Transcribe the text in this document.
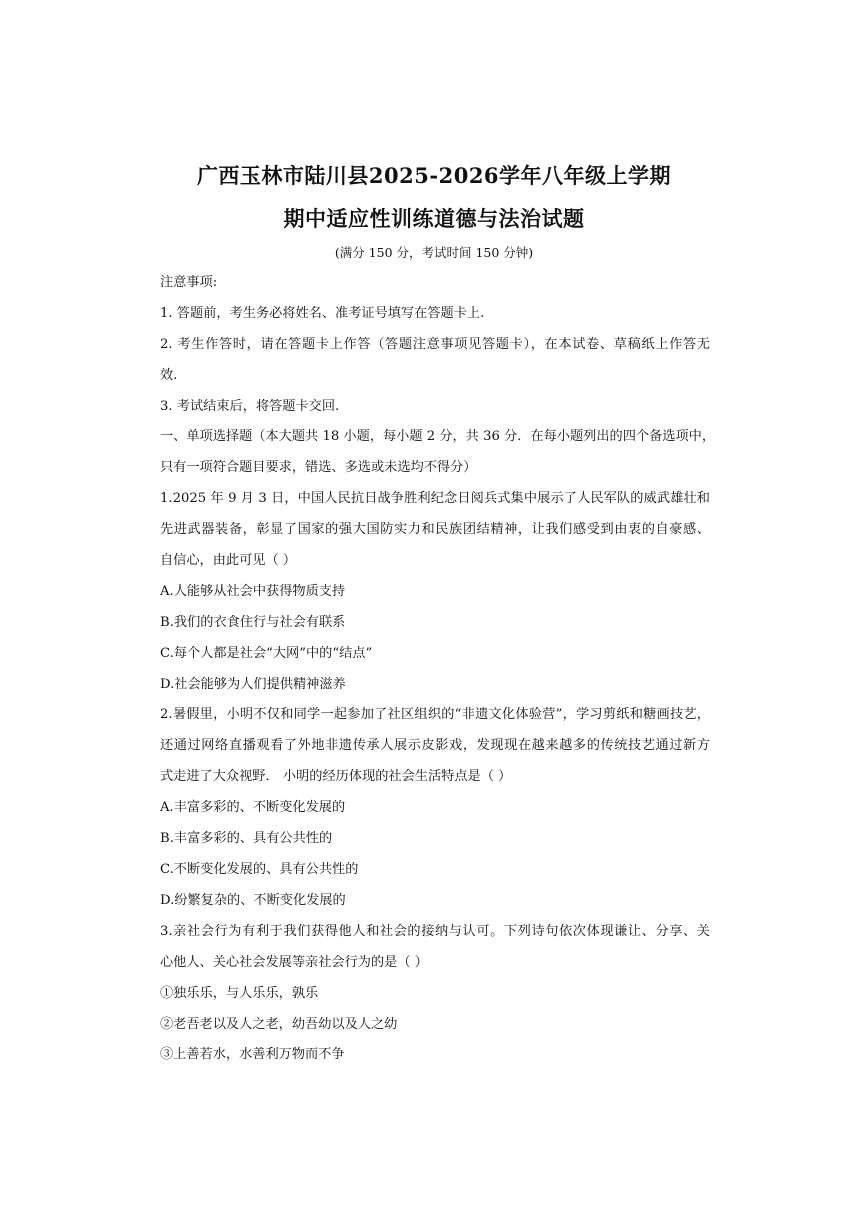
广西玉林市陆川县2025-2026学年八年级上学期
期中适应性训练道德与法治试题
(满分 150 分，考试时间 150 分钟)
注意事项:
1. 答题前，考生务必将姓名、准考证号填写在答题卡上.
2. 考生作答时，请在答题卡上作答（答题注意事项见答题卡），在本试卷、草稿纸上作答无
效.
3. 考试结束后，将答题卡交回.
一、单项选择题（本大题共 18 小题，每小题 2 分，共 36 分．在每小题列出的四个备选项中，
只有一项符合题目要求，错选、多选或未选均不得分）
1.2025 年 9 月 3 日，中国人民抗日战争胜利纪念日阅兵式集中展示了人民军队的威武雄壮和
先进武器装备，彰显了国家的强大国防实力和民族团结精神，让我们感受到由衷的自豪感、
自信心，由此可见（ ）
A.人能够从社会中获得物质支持
B.我们的衣食住行与社会有联系
C.每个人都是社会“大网”中的“结点”
D.社会能够为人们提供精神滋养
2.暑假里，小明不仅和同学一起参加了社区组织的“非遗文化体验营”，学习剪纸和糖画技艺，
还通过网络直播观看了外地非遗传承人展示皮影戏，发现现在越来越多的传统技艺通过新方
式走进了大众视野． 小明的经历体现的社会生活特点是（ ）
A.丰富多彩的、不断变化发展的
B.丰富多彩的、具有公共性的
C.不断变化发展的、具有公共性的
D.纷繁复杂的、不断变化发展的
3.亲社会行为有利于我们获得他人和社会的接纳与认可。下列诗句依次体现谦让、分享、关
心他人、关心社会发展等亲社会行为的是（ ）
①独乐乐，与人乐乐，孰乐
②老吾老以及人之老，幼吾幼以及人之幼
③上善若水，水善利万物而不争
